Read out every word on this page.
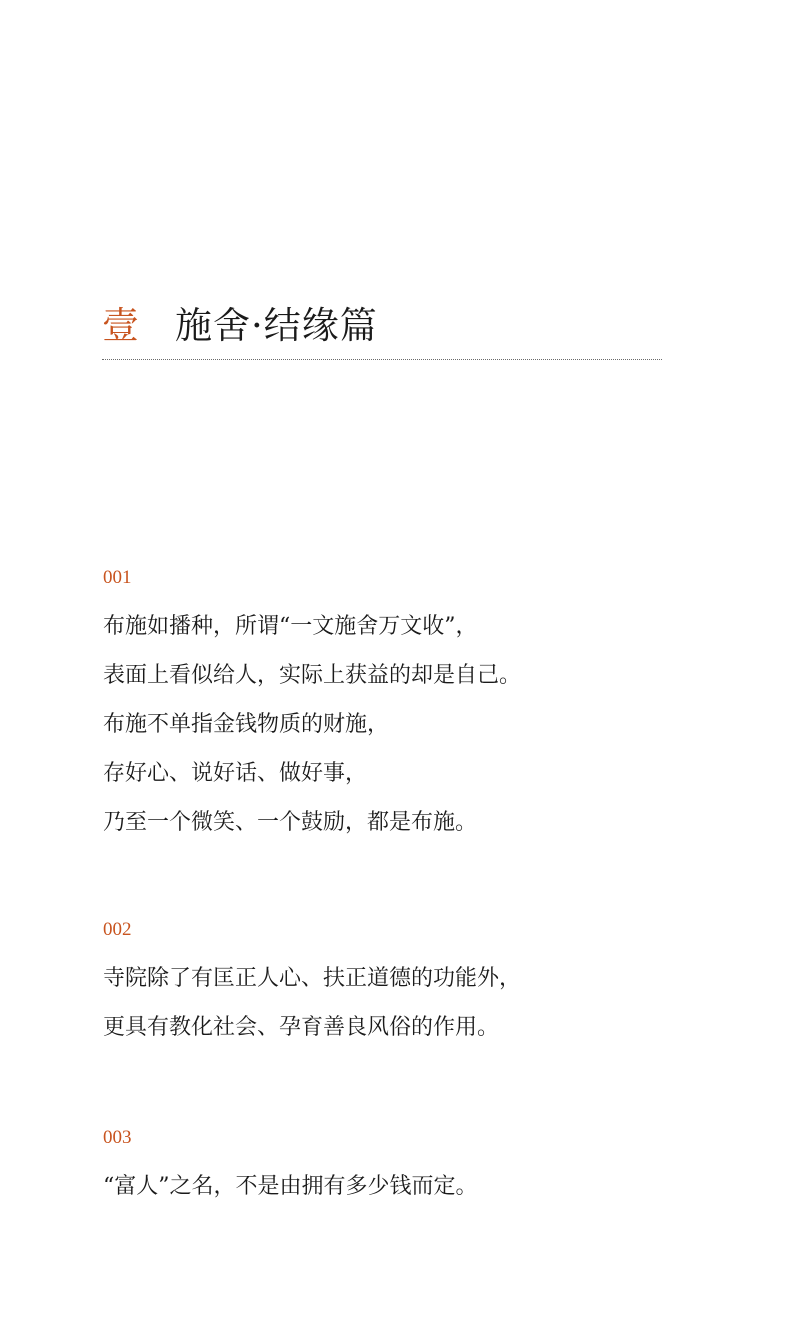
壹 施舍·结缘篇
001
布施如播种，所谓“一文施舍万文收”，
表面上看似给人，实际上获益的却是自己。
布施不单指金钱物质的财施，
存好心、说好话、做好事，
乃至一个微笑、一个鼓励，都是布施。
002
寺院除了有匡正人心、扶正道德的功能外，
更具有教化社会、孕育善良风俗的作用。
003
“富人”之名，不是由拥有多少钱而定。
